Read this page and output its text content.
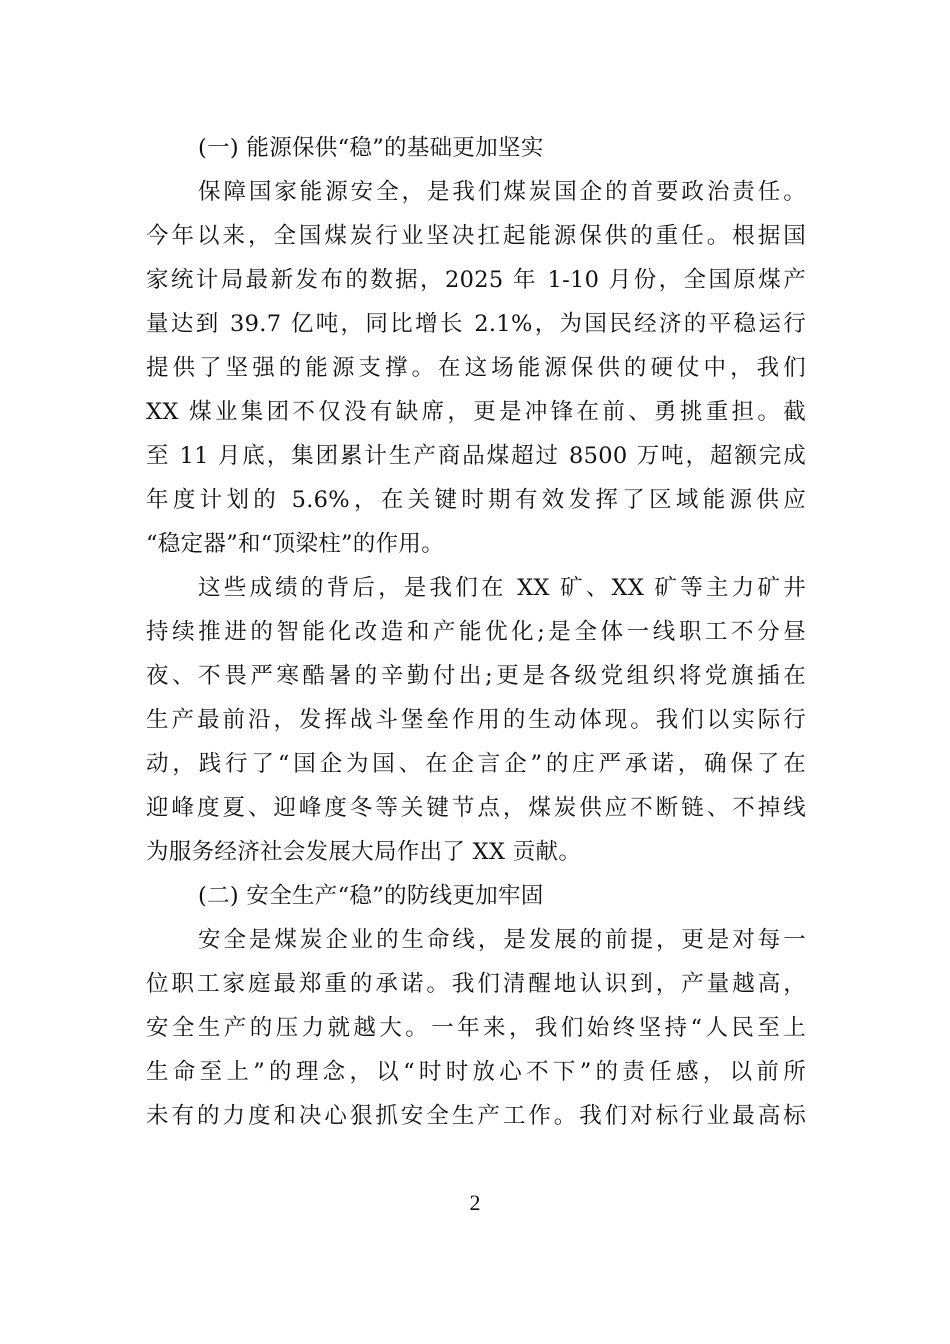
(一) 能源保供“稳”的基础更加坚实
保障国家能源安全，是我们煤炭国企的首要政治责任。
今年以来，全国煤炭行业坚决扛起能源保供的重任。根据国
家统计局最新发布的数据，2025 年 1-10 月份，全国原煤产
量达到 39.7 亿吨，同比增长 2.1%，为国民经济的平稳运行
提供了坚强的能源支撑。在这场能源保供的硬仗中，我们
XX 煤业集团不仅没有缺席，更是冲锋在前、勇挑重担。截
至 11 月底，集团累计生产商品煤超过 8500 万吨，超额完成
年度计划的 5.6%，在关键时期有效发挥了区域能源供应
“稳定器”和“顶梁柱”的作用。
这些成绩的背后，是我们在 XX 矿、XX 矿等主力矿井
持续推进的智能化改造和产能优化;是全体一线职工不分昼
夜、不畏严寒酷暑的辛勤付出;更是各级党组织将党旗插在
生产最前沿，发挥战斗堡垒作用的生动体现。我们以实际行
动，践行了“国企为国、在企言企”的庄严承诺，确保了在
迎峰度夏、迎峰度冬等关键节点，煤炭供应不断链、不掉线
为服务经济社会发展大局作出了 XX 贡献。
(二) 安全生产“稳”的防线更加牢固
安全是煤炭企业的生命线，是发展的前提，更是对每一
位职工家庭最郑重的承诺。我们清醒地认识到，产量越高，
安全生产的压力就越大。一年来，我们始终坚持“人民至上
生命至上”的理念，以“时时放心不下”的责任感，以前所
未有的力度和决心狠抓安全生产工作。我们对标行业最高标
2
